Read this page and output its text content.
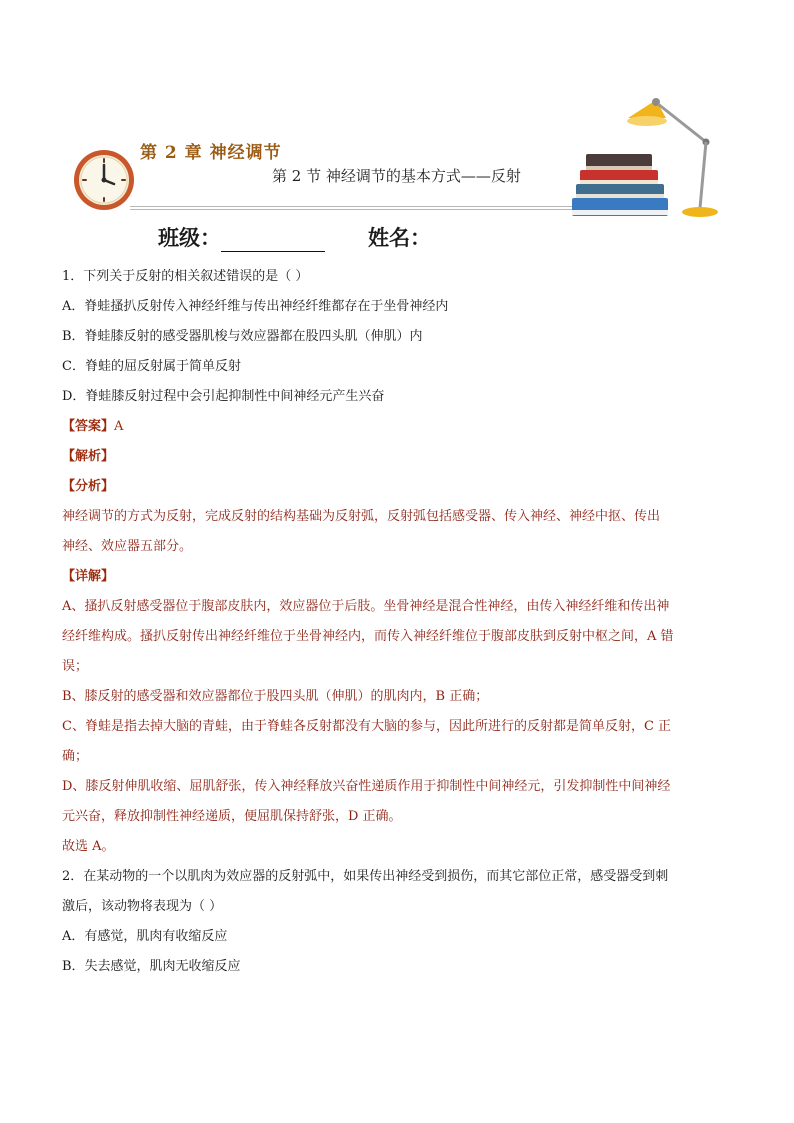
第 2 章 神经调节
第 2 节 神经调节的基本方式——反射
班级：	姓名：

1．下列关于反射的相关叙述错误的是（ ）

A．脊蛙搔扒反射传入神经纤维与传出神经纤维都存在于坐骨神经内

B．脊蛙膝反射的感受器肌梭与效应器都在股四头肌（伸肌）内

C．脊蛙的屈反射属于简单反射

D．脊蛙膝反射过程中会引起抑制性中间神经元产生兴奋

【答案】A

【解析】

【分析】

神经调节的方式为反射，完成反射的结构基础为反射弧，反射弧包括感受器、传入神经、神经中抠、传出

神经、效应器五部分。

【详解】

A、搔扒反射感受器位于腹部皮肤内，效应器位于后肢。坐骨神经是混合性神经，由传入神经纤维和传出神

经纤维构成。搔扒反射传出神经纤维位于坐骨神经内，而传入神经纤维位于腹部皮肤到反射中枢之间，A 错

误；

B、膝反射的感受器和效应器都位于股四头肌（伸肌）的肌肉内，B 正确；

C、脊蛙是指去掉大脑的青蛙，由于脊蛙各反射都没有大脑的参与，因此所进行的反射都是简单反射，C 正

确；

D、膝反射伸肌收缩、屈肌舒张，传入神经释放兴奋性递质作用于抑制性中间神经元，引发抑制性中间神经

元兴奋，释放抑制性神经递质，便屈肌保持舒张，D 正确。

故选 A。

2．在某动物的一个以肌肉为效应器的反射弧中，如果传出神经受到损伤，而其它部位正常，感受器受到刺

激后，该动物将表现为（ ）

A．有感觉，肌肉有收缩反应

B．失去感觉，肌肉无收缩反应
